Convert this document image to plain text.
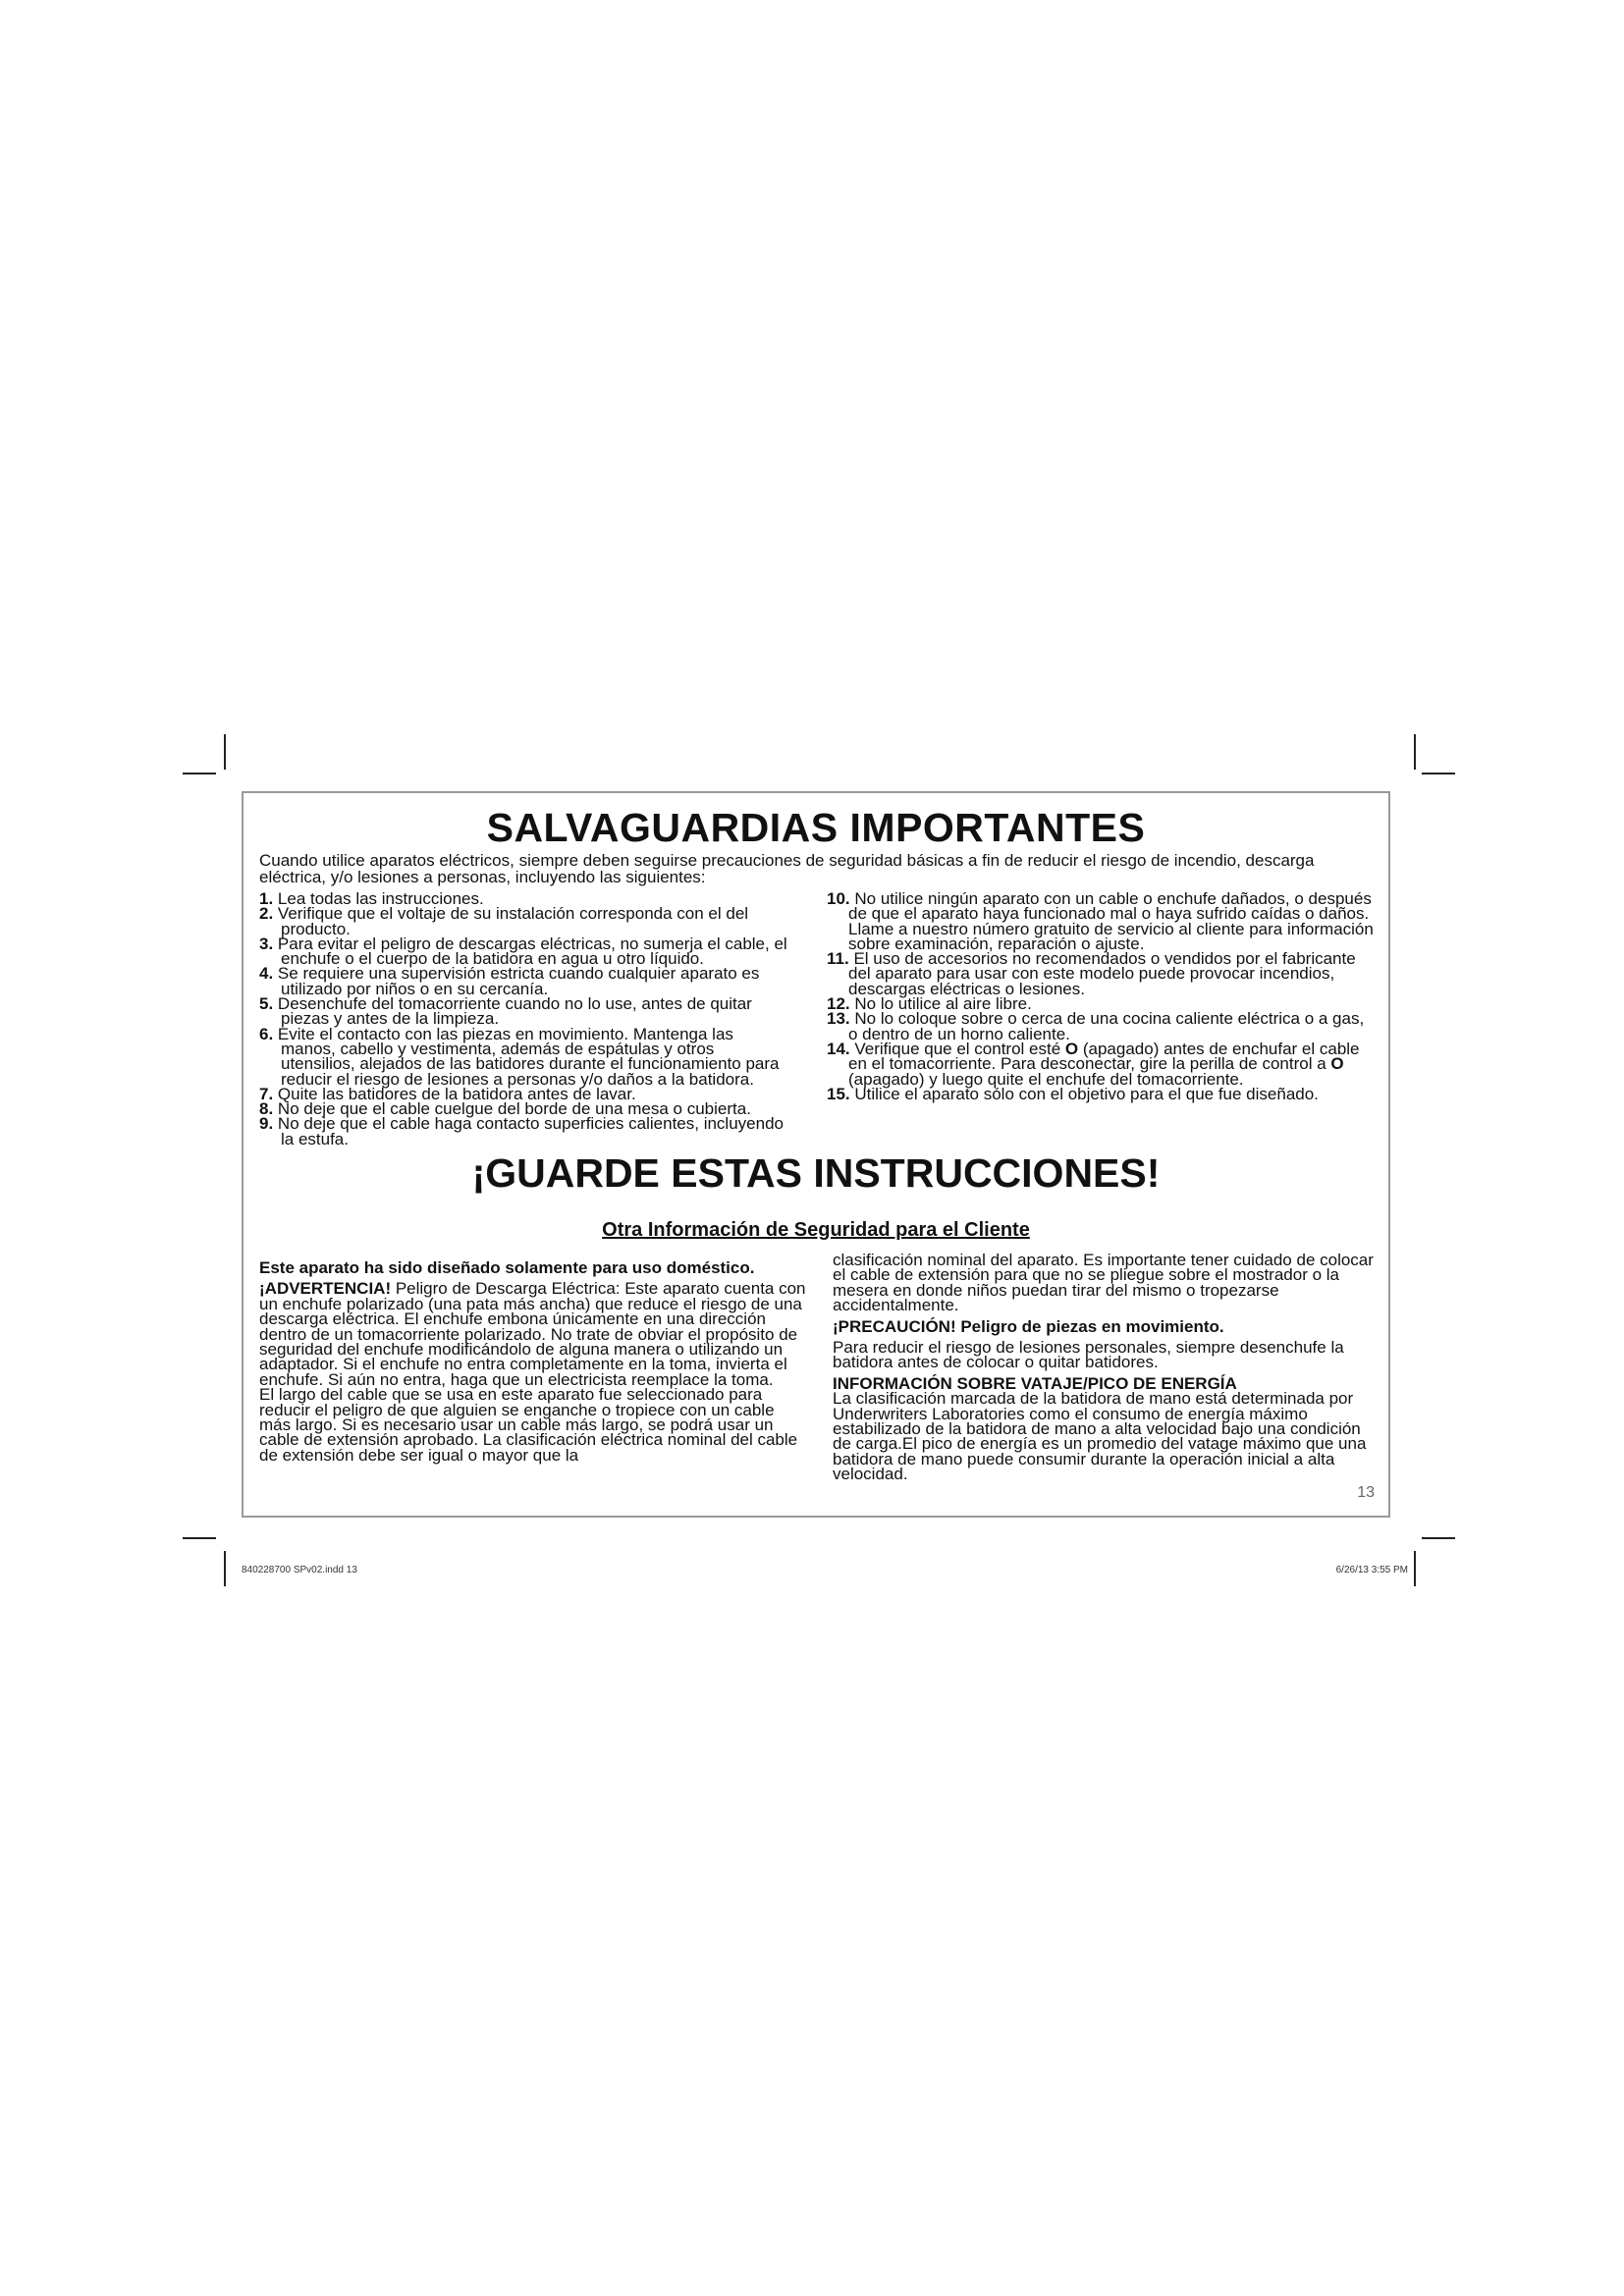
SALVAGUARDIAS IMPORTANTES

Cuando utilice aparatos eléctricos, siempre deben seguirse precauciones de seguridad básicas a fin de reducir el riesgo de incendio, descarga eléctrica, y/o lesiones a personas, incluyendo las siguientes:

1. Lea todas las instrucciones.
2. Verifique que el voltaje de su instalación corresponda con el del producto.
3. Para evitar el peligro de descargas eléctricas, no sumerja el cable, el enchufe o el cuerpo de la batidora en agua u otro líquido.
4. Se requiere una supervisión estricta cuando cualquier aparato es utilizado por niños o en su cercanía.
5. Desenchufe del tomacorriente cuando no lo use, antes de quitar piezas y antes de la limpieza.
6. Evite el contacto con las piezas en movimiento. Mantenga las manos, cabello y vestimenta, además de espátulas y otros utensilios, alejados de las batidores durante el funcionamiento para reducir el riesgo de lesiones a personas y/o daños a la batidora.
7. Quite las batidores de la batidora antes de lavar.
8. No deje que el cable cuelgue del borde de una mesa o cubierta.
9. No deje que el cable haga contacto superficies calientes, incluyendo la estufa.
10. No utilice ningún aparato con un cable o enchufe dañados, o después de que el aparato haya funcionado mal o haya sufrido caídas o daños. Llame a nuestro número gratuito de servicio al cliente para información sobre examinación, reparación o ajuste.
11. El uso de accesorios no recomendados o vendidos por el fabricante del aparato para usar con este modelo puede provocar incendios, descargas eléctricas o lesiones.
12. No lo utilice al aire libre.
13. No lo coloque sobre o cerca de una cocina caliente eléctrica o a gas, o dentro de un horno caliente.
14. Verifique que el control esté O (apagado) antes de enchufar el cable en el tomacorriente. Para desconectar, gire la perilla de control a O (apagado) y luego quite el enchufe del tomacorriente.
15. Utilice el aparato sólo con el objetivo para el que fue diseñado.
¡GUARDE ESTAS INSTRUCCIONES!
Otra Información de Seguridad para el Cliente

Este aparato ha sido diseñado solamente para uso doméstico.

¡ADVERTENCIA! Peligro de Descarga Eléctrica: Este aparato cuenta con un enchufe polarizado (una pata más ancha) que reduce el riesgo de una descarga eléctrica. El enchufe embona únicamente en una dirección dentro de un tomacorriente polarizado. No trate de obviar el propósito de seguridad del enchufe modificándolo de alguna manera o utilizando un adaptador. Si el enchufe no entra completamente en la toma, invierta el enchufe. Si aún no entra, haga que un electricista reemplace la toma.

El largo del cable que se usa en este aparato fue seleccionado para reducir el peligro de que alguien se enganche o tropiece con un cable más largo. Si es necesario usar un cable más largo, se podrá usar un cable de extensión aprobado. La clasificación eléctrica nominal del cable de extensión debe ser igual o mayor que la

clasificación nominal del aparato. Es importante tener cuidado de colocar el cable de extensión para que no se pliegue sobre el mostrador o la mesera en donde niños puedan tirar del mismo o tropezarse accidentalmente.

¡PRECAUCIÓN! Peligro de piezas en movimiento.

Para reducir el riesgo de lesiones personales, siempre desenchufe la batidora antes de colocar o quitar batidores.

INFORMACIÓN SOBRE VATAJE/PICO DE ENERGÍA

La clasificación marcada de la batidora de mano está determinada por Underwriters Laboratories como el consumo de energía máximo estabilizado de la batidora de mano a alta velocidad bajo una condición de carga.El pico de energía es un promedio del vatage máximo que una batidora de mano puede consumir durante la operación inicial a alta velocidad.

13

840228700 SPv02.indd 13	6/26/13 3:55 PM
